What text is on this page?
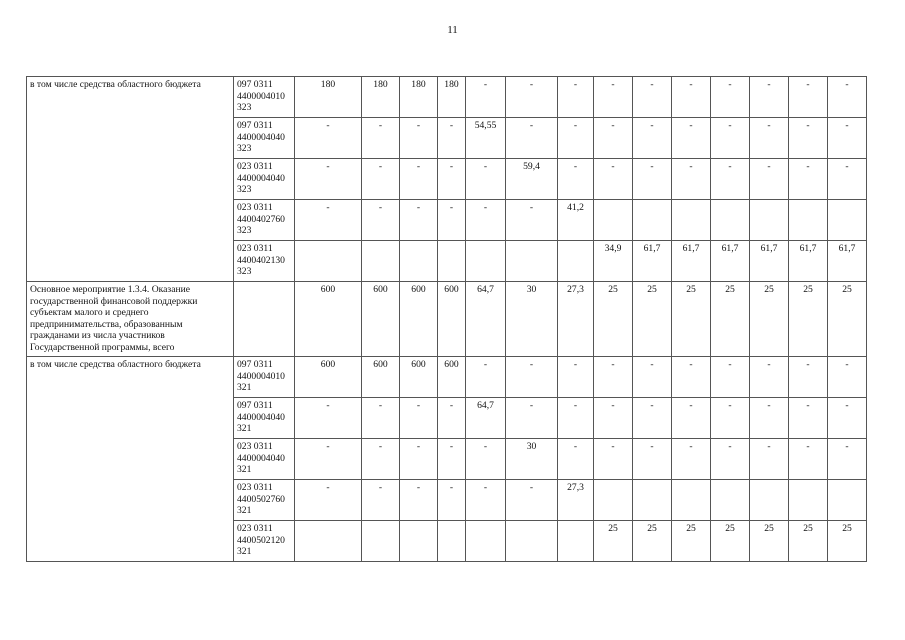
11
в том числе средства областного бюджета	097 0311
4400004010
323	180	180	180	180	-	-	-	-	-	-	-	-	-	-

	097 0311
4400004040
323	-	-	-	-	54,55	-	-	-	-	-	-	-	-	-

	023 0311
4400004040
323	-	-	-	-	-	59,4	-	-	-	-	-	-	-	-

	023 0311
4400402760
323	-	-	-	-	-	-	41,2							

	023 0311
4400402130
323								34,9	61,7	61,7	61,7	61,7	61,7	61,7
Основное мероприятие 1.3.4. Оказание государственной финансовой поддержки субъектам малого и среднего предпринимательства, образованным гражданами из числа участников Государственной программы, всего		600	600	600	600	64,7	30	27,3	25	25	25	25	25	25	25
в том числе средства областного бюджета	097 0311
4400004010
321	600	600	600	600	-	-	-	-	-	-	-	-	-	-

	097 0311
4400004040
321	-	-	-	-	64,7	-	-	-	-	-	-	-	-	-

	023 0311
4400004040
321	-	-	-	-	-	30	-	-	-	-	-	-	-	-

	023 0311
4400502760
321	-	-	-	-	-	-	27,3							

	023 0311
4400502120
321								25	25	25	25	25	25	25
